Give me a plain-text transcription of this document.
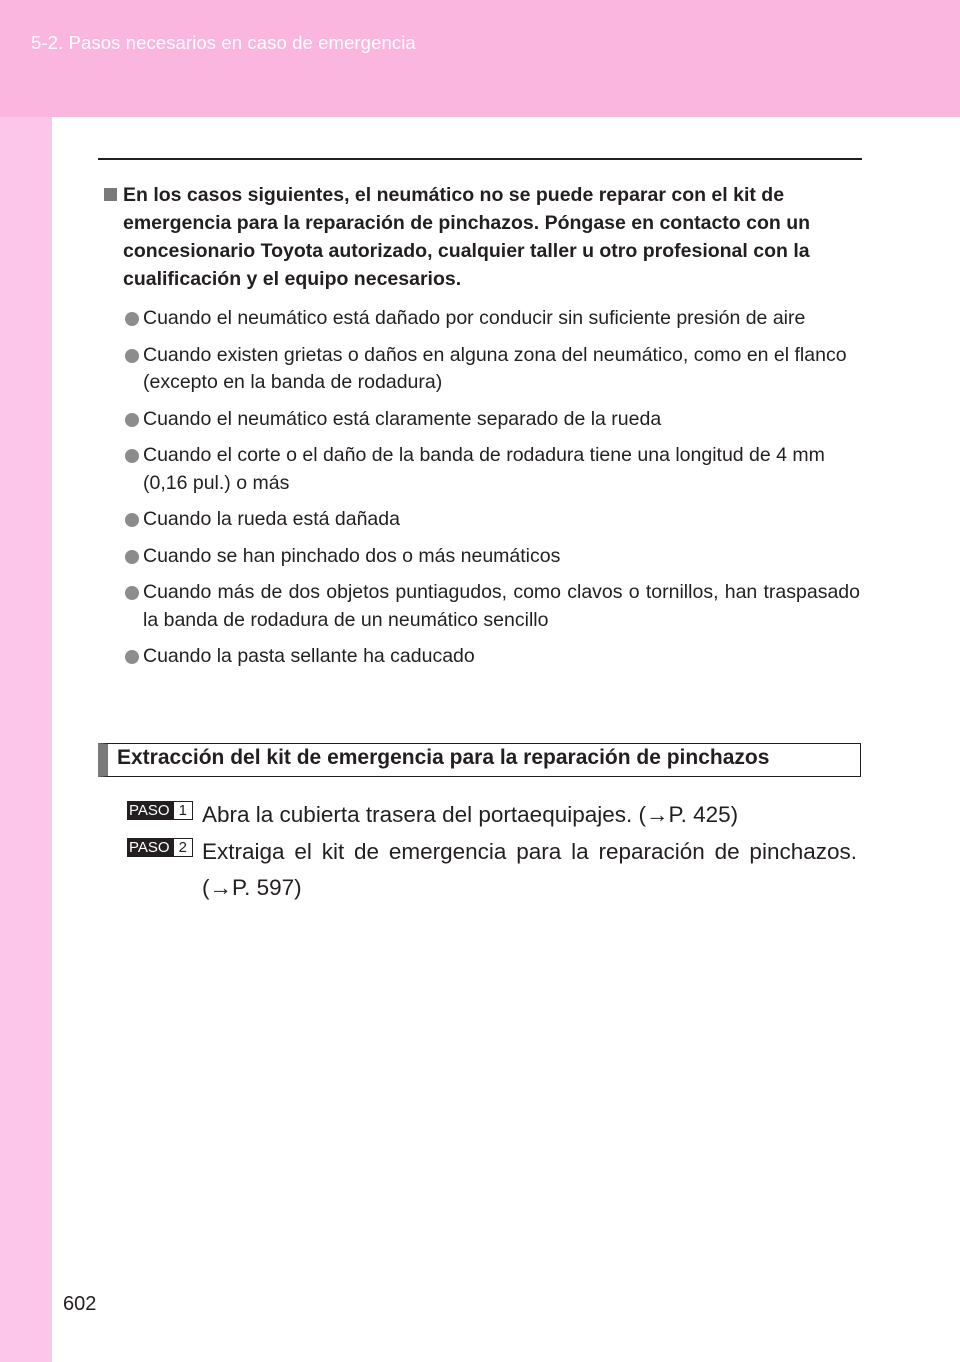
5-2. Pasos necesarios en caso de emergencia
602
En los casos siguientes, el neumático no se puede reparar con el kit de emergencia para la reparación de pinchazos. Póngase en contacto con un concesionario Toyota autorizado, cualquier taller u otro profesional con la cualificación y el equipo necesarios.
Cuando el neumático está dañado por conducir sin suficiente presión de aire
Cuando existen grietas o daños en alguna zona del neumático, como en el flanco (excepto en la banda de rodadura)
Cuando el neumático está claramente separado de la rueda
Cuando el corte o el daño de la banda de rodadura tiene una longitud de 4 mm (0,16 pul.) o más
Cuando la rueda está dañada
Cuando se han pinchado dos o más neumáticos
Cuando más de dos objetos puntiagudos, como clavos o tornillos, han traspasado la banda de rodadura de un neumático sencillo
Cuando la pasta sellante ha caducado
Extracción del kit de emergencia para la reparación de pinchazos
PASO 1 Abra la cubierta trasera del portaequipajes. (→P. 425)
PASO 2 Extraiga el kit de emergencia para la reparación de pinchazos. (→P. 597)
